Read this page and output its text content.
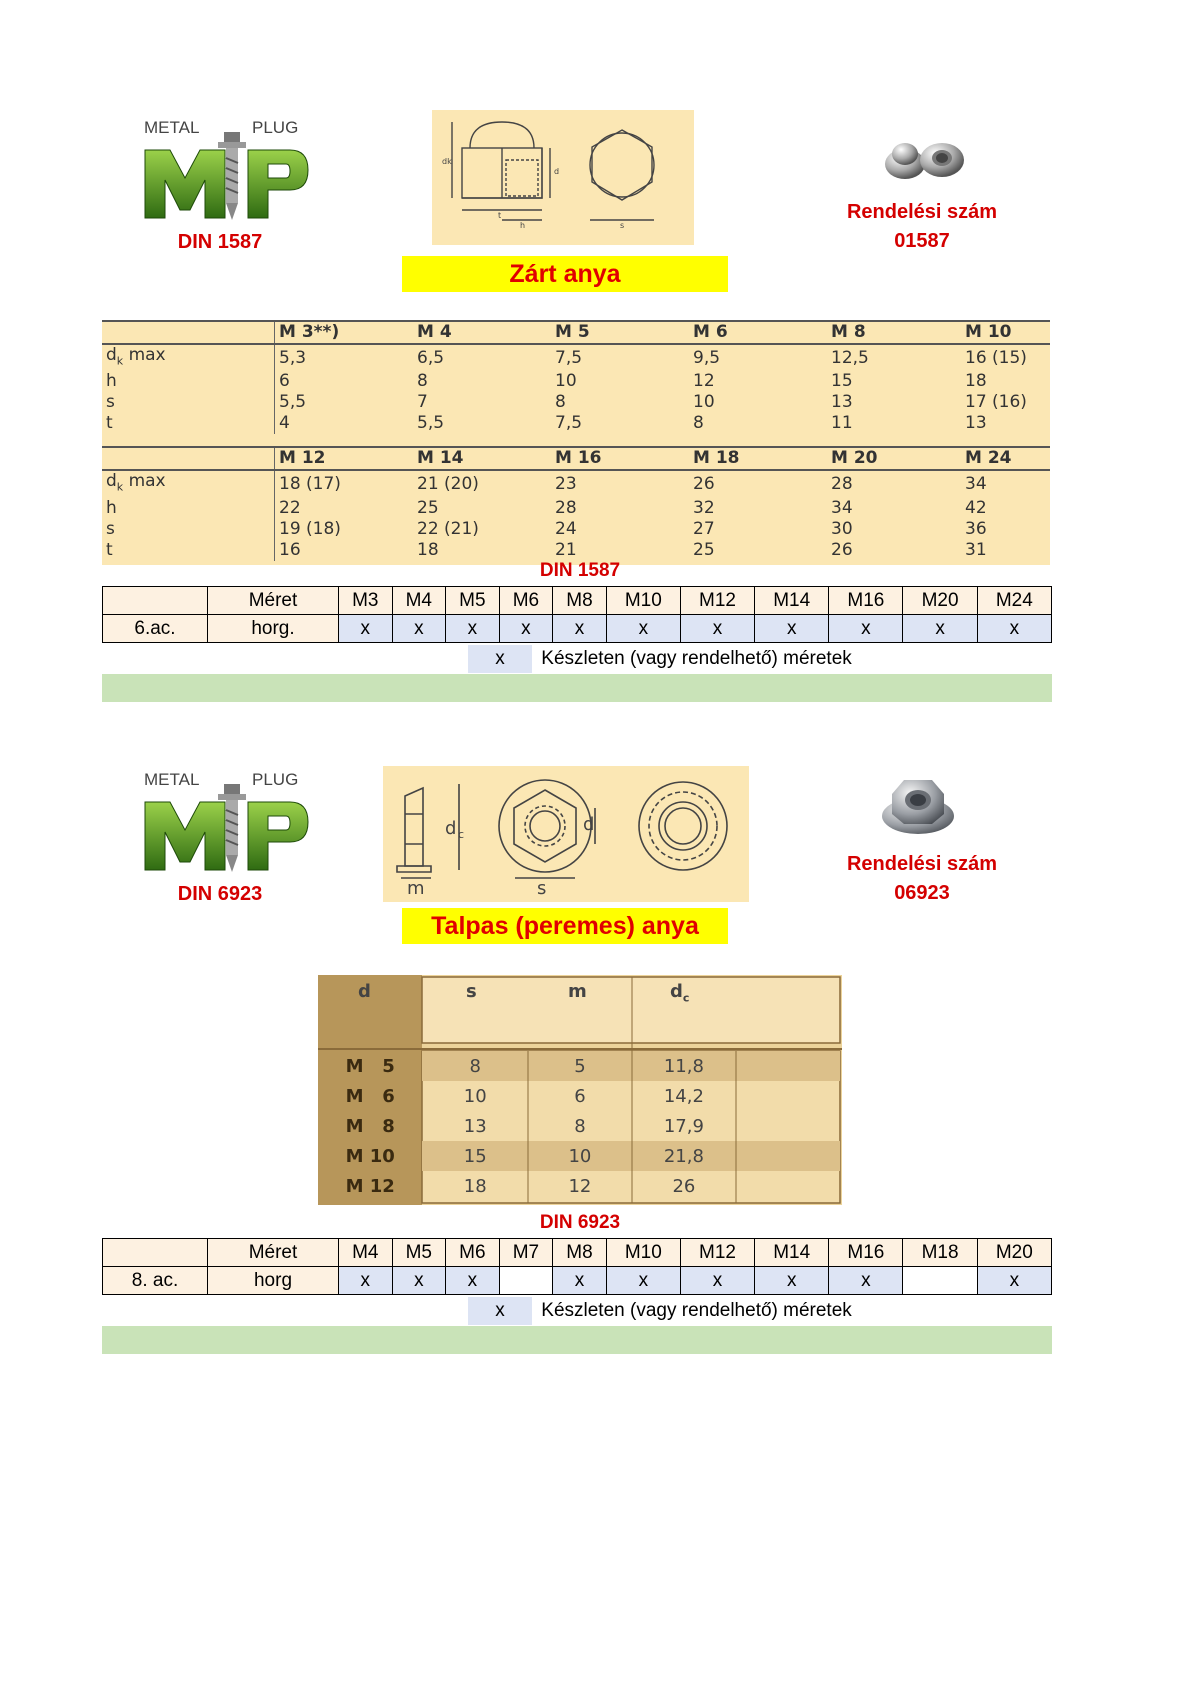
METAL	PLUG
DIN 1587
dk
d
t
h	s
Rendelési szám
01587
Zárt anya
	M 3**)	M 4	M 5	M 6	M 8	M 10
$d_k$ max	5,3	6,5	7,5	9,5	12,5	16 (15)
h	6	8	10	12	15	18
s	5,5	7	8	10	13	17 (16)
t	4	5,5	7,5	8	11	13
	M 12	M 14	M 16	M 18	M 20	M 24
$d_k$ max	18 (17)	21 (20)	23	26	28	34
h	22	25	28	32	34	42
s	19 (18)	22 (21)	24	27	30	36
t	16	18	21	25	26	31
DIN 1587
	Méret	M3	M4	M5	M6	M8	M10	M12	M14	M16	M20	M24
6.ac.	horg.	x	x	x	x	x	x	x	x	x	x	x
x Készleten (vagy rendelhető) méretek
METAL	PLUG
DIN 6923
d c	d
m	s
Rendelési szám
06923
Talpas (peremes) anya
d	s	m	$d_c$
M   5	8	5	11,8
M   6	10	6	14,2
M   8	13	8	17,9
M 10	15	10	21,8
M 12	18	12	26
DIN 6923
	Méret	M4	M5	M6	M7	M8	M10	M12	M14	M16	M18	M20
8. ac.	horg	x	x	x		x	x	x	x	x		x
x Készleten (vagy rendelhető) méretek
